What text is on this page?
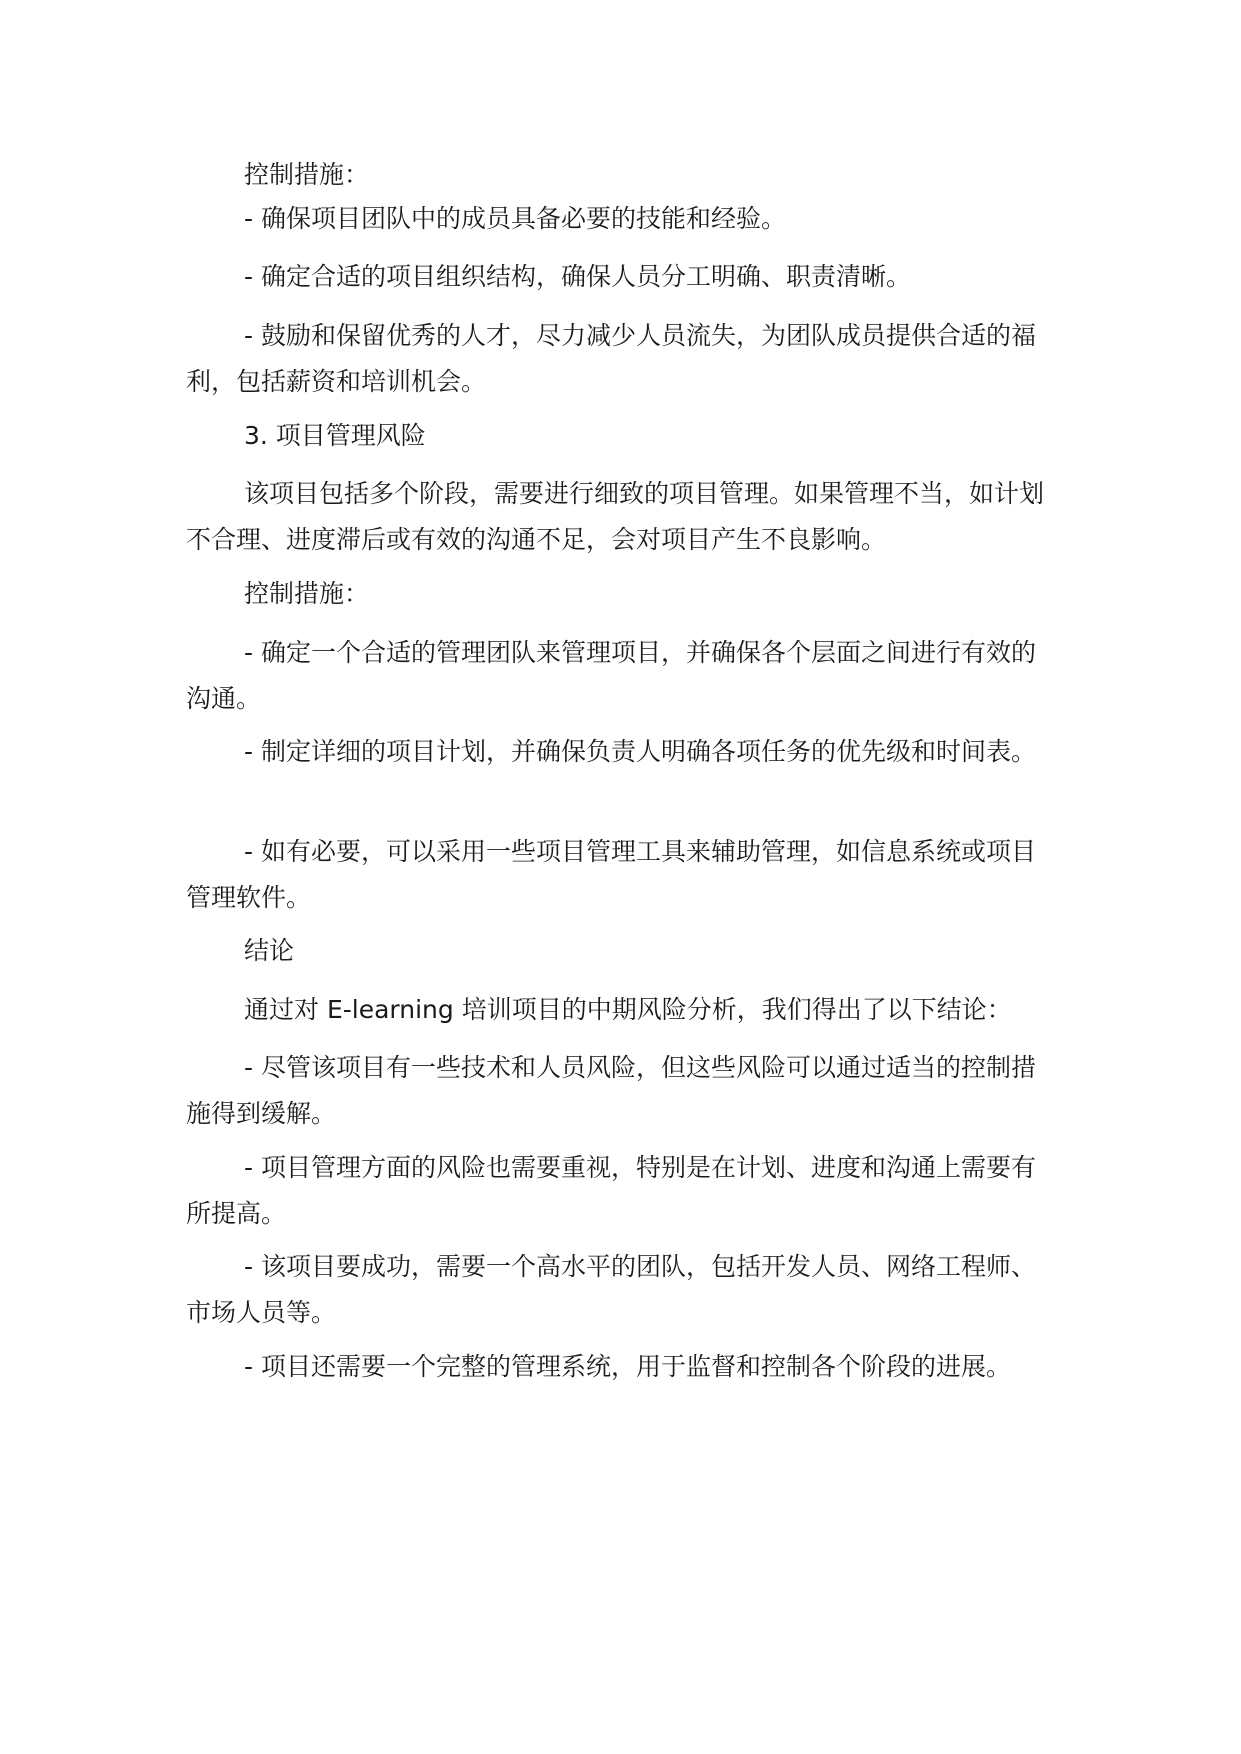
控制措施：

- 确保项目团队中的成员具备必要的技能和经验。

- 确定合适的项目组织结构，确保人员分工明确、职责清晰。

- 鼓励和保留优秀的人才，尽力减少人员流失，为团队成员提供合适的福利，包括薪资和培训机会。

3. 项目管理风险

该项目包括多个阶段，需要进行细致的项目管理。如果管理不当，如计划不合理、进度滞后或有效的沟通不足，会对项目产生不良影响。

控制措施：

- 确定一个合适的管理团队来管理项目，并确保各个层面之间进行有效的沟通。

- 制定详细的项目计划，并确保负责人明确各项任务的优先级和时间表。

- 如有必要，可以采用一些项目管理工具来辅助管理，如信息系统或项目管理软件。

结论

通过对 E-learning 培训项目的中期风险分析，我们得出了以下结论：

- 尽管该项目有一些技术和人员风险，但这些风险可以通过适当的控制措施得到缓解。

- 项目管理方面的风险也需要重视，特别是在计划、进度和沟通上需要有所提高。

- 该项目要成功，需要一个高水平的团队，包括开发人员、网络工程师、市场人员等。

- 项目还需要一个完整的管理系统，用于监督和控制各个阶段的进展。
